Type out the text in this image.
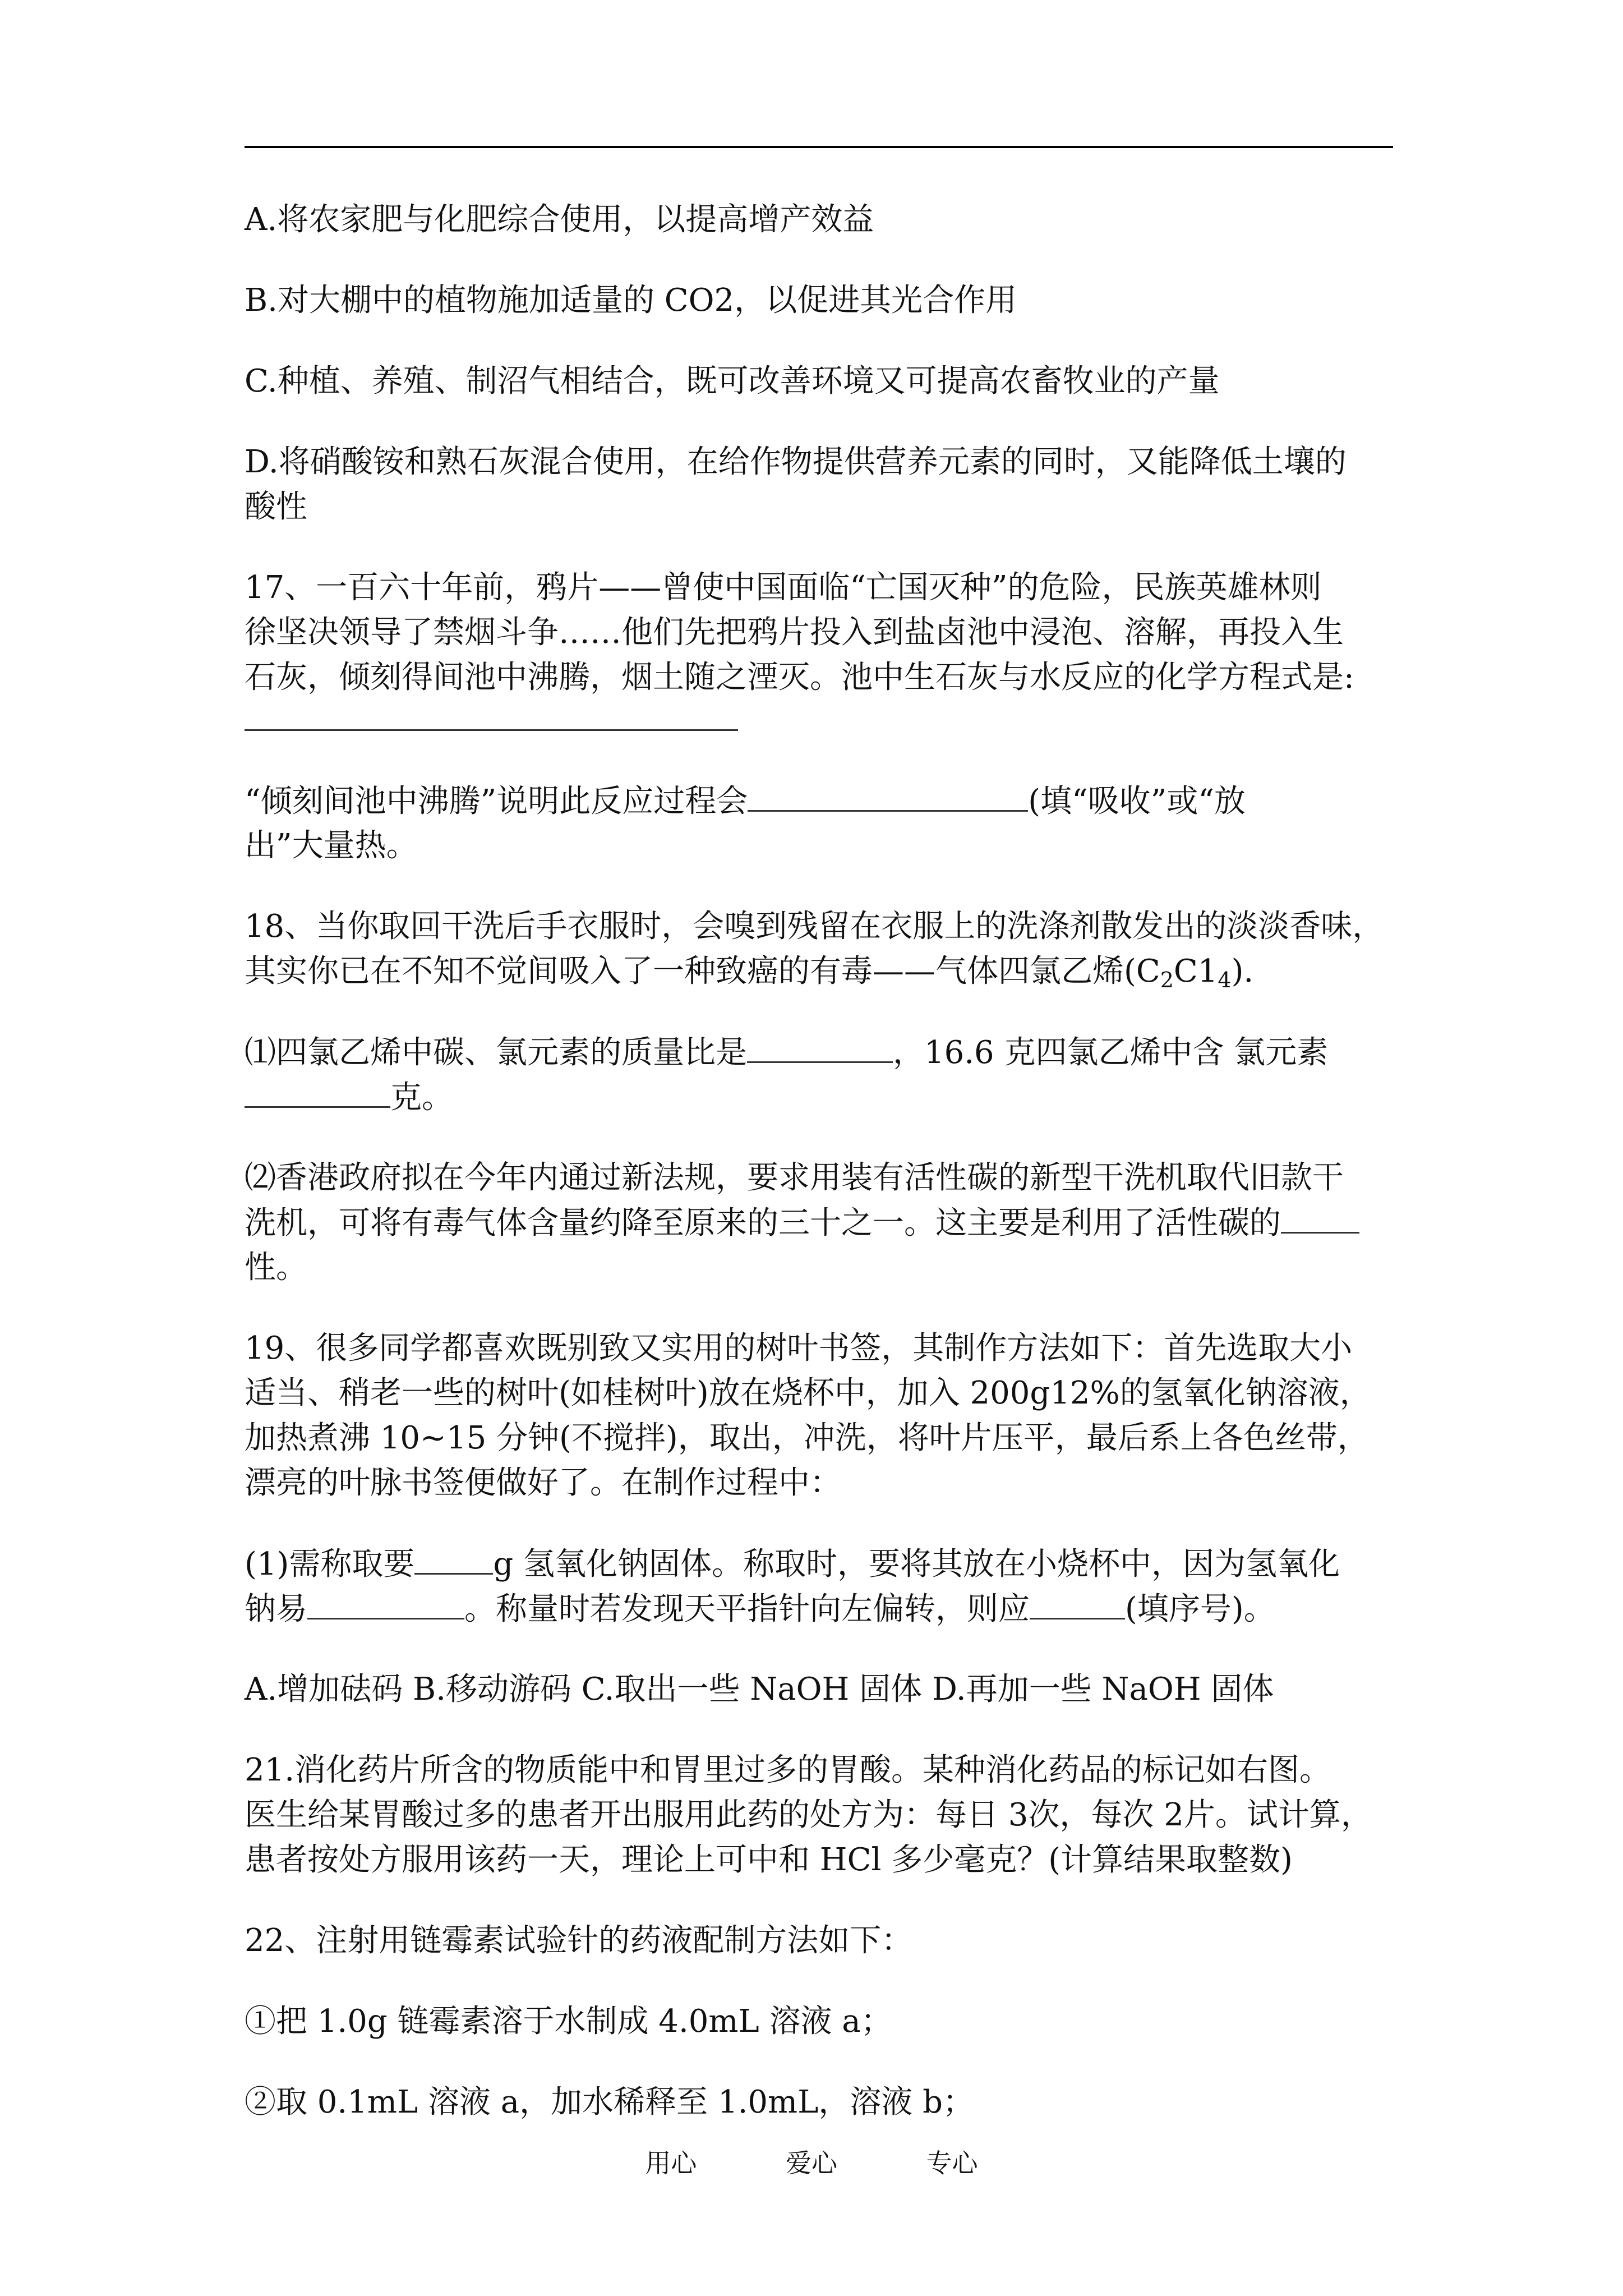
A.将农家肥与化肥综合使用，以提高增产效益

B.对大棚中的植物施加适量的 CO2，以促进其光合作用

C.种植、养殖、制沼气相结合，既可改善环境又可提高农畜牧业的产量

D.将硝酸铵和熟石灰混合使用，在给作物提供营养元素的同时，又能降低土壤的

酸性

17、一百六十年前，鸦片——曾使中国面临“亡国灭种”的危险，民族英雄林则

徐坚决领导了禁烟斗争……他们先把鸦片投入到盐卤池中浸泡、溶解，再投入生

石灰，倾刻得间池中沸腾，烟土随之湮灭。池中生石灰与水反应的化学方程式是:

“倾刻间池中沸腾”说明此反应过程会	(填“吸收”或“放

出”大量热。

18、当你取回干洗后手衣服时，会嗅到残留在衣服上的洗涤剂散发出的淡淡香味，

其实你已在不知不觉间吸入了一种致癌的有毒——气体四氯乙烯$(C_2C1_4)$.

⑴四氯乙烯中碳、氯元素的质量比是	，16.6 克四氯乙烯中含 氯元素

克。

⑵香港政府拟在今年内通过新法规，要求用装有活性碳的新型干洗机取代旧款干

洗机，可将有毒气体含量约降至原来的三十之一。这主要是利用了活性碳的

性。

19、很多同学都喜欢既别致又实用的树叶书签，其制作方法如下：首先选取大小

适当、稍老一些的树叶(如桂树叶)放在烧杯中，加入 200g12%的氢氧化钠溶液，

加热煮沸 10~15 分钟(不搅拌)，取出，冲洗，将叶片压平，最后系上各色丝带，

漂亮的叶脉书签便做好了。在制作过程中：

(1)需称取要	g 氢氧化钠固体。称取时，要将其放在小烧杯中，因为氢氧化

钠易	。称量时若发现天平指针向左偏转，则应	(填序号)。

A.增加砝码 B.移动游码 C.取出一些 NaOH 固体 D.再加一些 NaOH 固体

21.消化药片所含的物质能中和胃里过多的胃酸。某种消化药品的标记如右图。

医生给某胃酸过多的患者开出服用此药的处方为：每日 3次，每次 2片。试计算，

患者按处方服用该药一天，理论上可中和 HCl 多少毫克？(计算结果取整数)

22、注射用链霉素试验针的药液配制方法如下：

①把 1.0g 链霉素溶于水制成 4.0mL 溶液 a；

②取 0.1mL 溶液 a，加水稀释至 1.0mL，溶液 b；

用心	爱心	专心
